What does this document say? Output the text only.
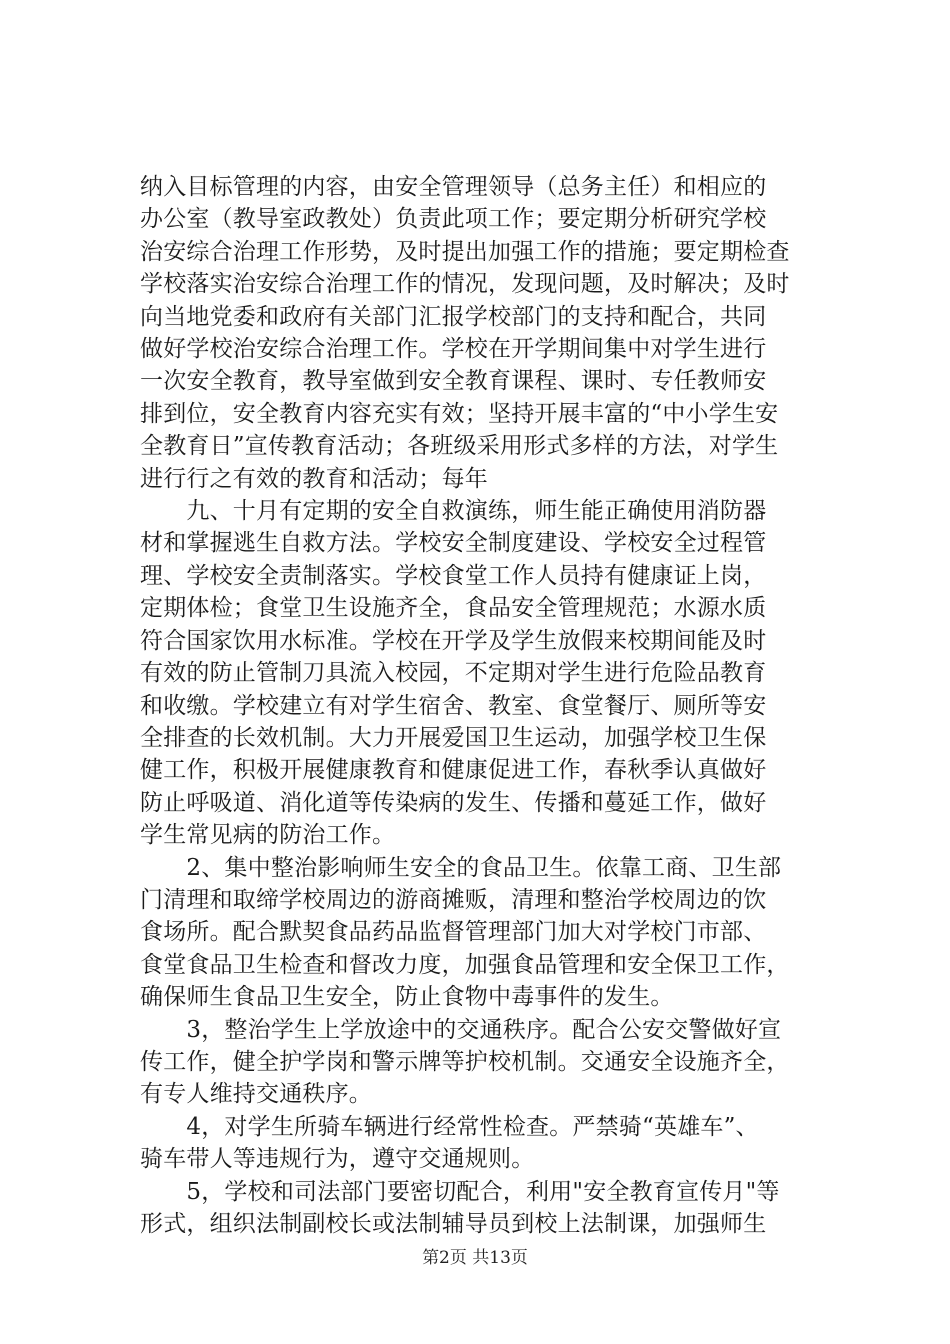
纳入目标管理的内容，由安全管理领导（总务主任）和相应的
办公室（教导室政教处）负责此项工作；要定期分析研究学校
治安综合治理工作形势，及时提出加强工作的措施；要定期检查
学校落实治安综合治理工作的情况，发现问题，及时解决；及时
向当地党委和政府有关部门汇报学校部门的支持和配合，共同
做好学校治安综合治理工作。学校在开学期间集中对学生进行
一次安全教育，教导室做到安全教育课程、课时、专任教师安
排到位，安全教育内容充实有效；坚持开展丰富的“中小学生安
全教育日”宣传教育活动；各班级采用形式多样的方法，对学生
进行行之有效的教育和活动；每年

　　九、十月有定期的安全自救演练，师生能正确使用消防器
材和掌握逃生自救方法。学校安全制度建设、学校安全过程管
理、学校安全责制落实。学校食堂工作人员持有健康证上岗，
定期体检；食堂卫生设施齐全，食品安全管理规范；水源水质
符合国家饮用水标准。学校在开学及学生放假来校期间能及时
有效的防止管制刀具流入校园，不定期对学生进行危险品教育
和收缴。学校建立有对学生宿舍、教室、食堂餐厅、厕所等安
全排查的长效机制。大力开展爱国卫生运动，加强学校卫生保
健工作，积极开展健康教育和健康促进工作，春秋季认真做好
防止呼吸道、消化道等传染病的发生、传播和蔓延工作，做好
学生常见病的防治工作。

　　2、集中整治影响师生安全的食品卫生。依靠工商、卫生部
门清理和取缔学校周边的游商摊贩，清理和整治学校周边的饮
食场所。配合默契食品药品监督管理部门加大对学校门市部、
食堂食品卫生检查和督改力度，加强食品管理和安全保卫工作，
确保师生食品卫生安全，防止食物中毒事件的发生。

　　3，整治学生上学放途中的交通秩序。配合公安交警做好宣
传工作，健全护学岗和警示牌等护校机制。交通安全设施齐全，
有专人维持交通秩序。

　　4，对学生所骑车辆进行经常性检查。严禁骑“英雄车”、
骑车带人等违规行为，遵守交通规则。

　　5，学校和司法部门要密切配合，利用"安全教育宣传月"等
形式，组织法制副校长或法制辅导员到校上法制课，加强师生

第2页 共13页
